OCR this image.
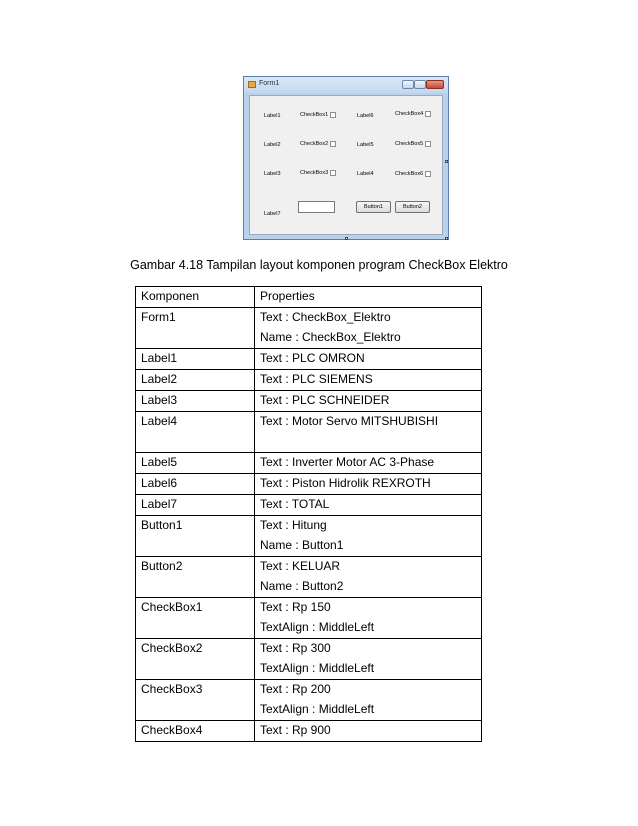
Form1
Label1
Label2
Label3
Label7
CheckBox1
CheckBox2
CheckBox3
Label6
Label5
Label4
CheckBox4
CheckBox5
CheckBox6
Button1	Button2
Gambar 4.18 Tampilan layout komponen program CheckBox Elektro
Komponen	Properties

Form1	Text : CheckBox_Elektro
Name : CheckBox_Elektro

Label1	Text : PLC OMRON

Label2	Text : PLC SIEMENS

Label3	Text : PLC SCHNEIDER

Label4	Text : Motor Servo MITSHUBISHI

Label5	Text : Inverter Motor AC 3-Phase

Label6	Text : Piston Hidrolik REXROTH

Label7	Text : TOTAL

Button1	Text : Hitung
Name : Button1

Button2	Text : KELUAR
Name : Button2

CheckBox1	Text : Rp 150
TextAlign : MiddleLeft

CheckBox2	Text : Rp 300
TextAlign : MiddleLeft

CheckBox3	Text : Rp 200
TextAlign : MiddleLeft

CheckBox4	Text : Rp 900
